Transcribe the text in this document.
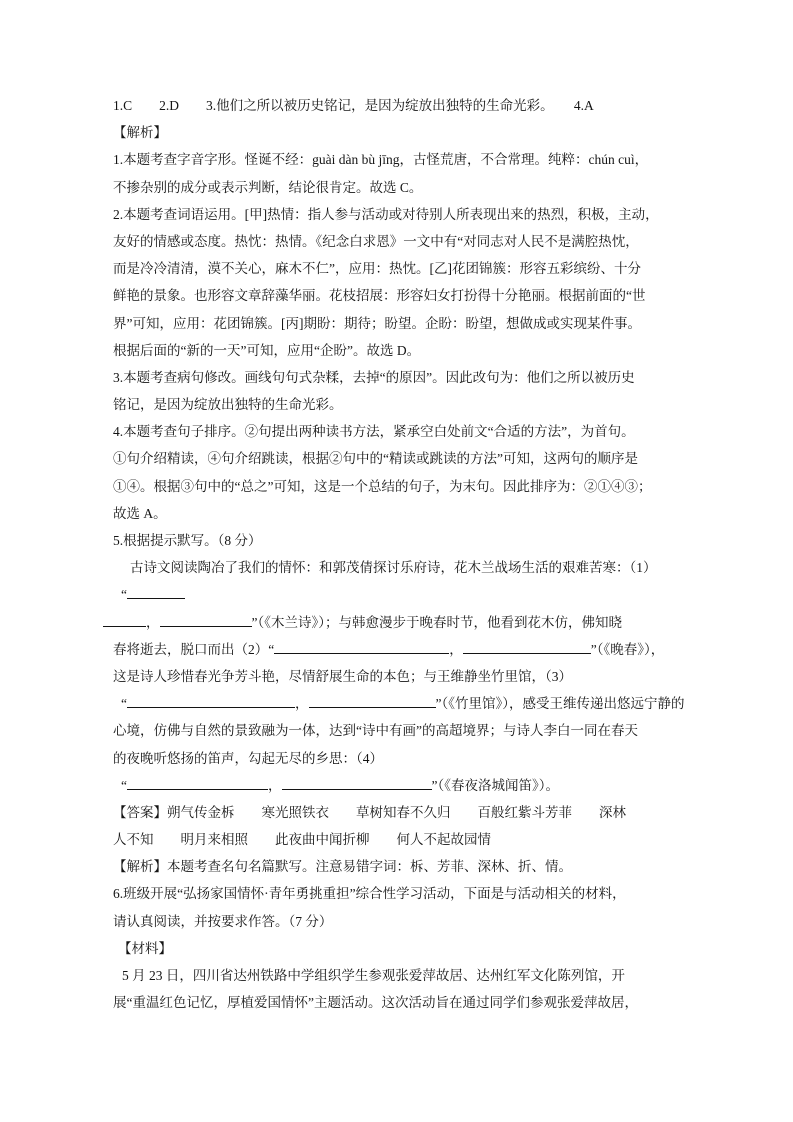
1.C　　2.D　　3.他们之所以被历史铭记，是因为绽放出独特的生命光彩。　　4.A
【解析】
1.本题考查字音字形。怪诞不经：guài dàn bù jīng，古怪荒唐，不合常理。纯粹：chún cuì，
不掺杂别的成分或表示判断，结论很肯定。故选 C。
2.本题考查词语运用。[甲]热情：指人参与活动或对待别人所表现出来的热烈，积极，主动，
友好的情感或态度。热忱：热情。《纪念白求恩》一文中有“对同志对人民不是满腔热忱，
而是冷冷清清，漠不关心，麻木不仁”，应用：热忱。[乙]花团锦簇：形容五彩缤纷、十分
鲜艳的景象。也形容文章辞藻华丽。花枝招展：形容妇女打扮得十分艳丽。根据前面的“世
界”可知，应用：花团锦簇。[丙]期盼：期待；盼望。企盼：盼望，想做成或实现某件事。
根据后面的“新的一天”可知，应用“企盼”。故选 D。
3.本题考查病句修改。画线句句式杂糅，去掉“的原因”。因此改句为：他们之所以被历史
铭记，是因为绽放出独特的生命光彩。
4.本题考查句子排序。②句提出两种读书方法，紧承空白处前文“合适的方法”，为首句。
①句介绍精读，④句介绍跳读，根据②句中的“精读或跳读的方法”可知，这两句的顺序是
①④。根据③句中的“总之”可知，这是一个总结的句子，为末句。因此排序为：②①④③；
故选 A。
5.根据提示默写。（8 分）
古诗文阅读陶冶了我们的情怀：和郭茂倩探讨乐府诗，花木兰战场生活的艰难苦寒：（1）
“
，	”（《木兰诗》）；与韩愈漫步于晚春时节，他看到花木仿，佛知晓
春将逝去，脱口而出（2）“	，	”（《晚春》），
这是诗人珍惜春光争芳斗艳，尽情舒展生命的本色；与王维静坐竹里馆，（3）
“	，	”（《竹里馆》），感受王维传递出悠远宁静的
心境，仿佛与自然的景致融为一体，达到“诗中有画”的高超境界；与诗人李白一同在春天
的夜晚听悠扬的笛声，勾起无尽的乡思：（4）
“	，	”（《春夜洛城闻笛》）。
【答案】朔气传金柝　　寒光照铁衣　　草树知春不久归　　百般红紫斗芳菲　　深林
人不知　　明月来相照　　此夜曲中闻折柳　　何人不起故园情
【解析】本题考查名句名篇默写。注意易错字词：柝、芳菲、深林、折、情。
6.班级开展“弘扬家国情怀·青年勇挑重担”综合性学习活动，下面是与活动相关的材料，
请认真阅读，并按要求作答。（7 分）
【材料】
5 月 23 日，四川省达州铁路中学组织学生参观张爱萍故居、达州红军文化陈列馆，开
展“重温红色记忆，厚植爱国情怀”主题活动。这次活动旨在通过同学们参观张爱萍故居，
